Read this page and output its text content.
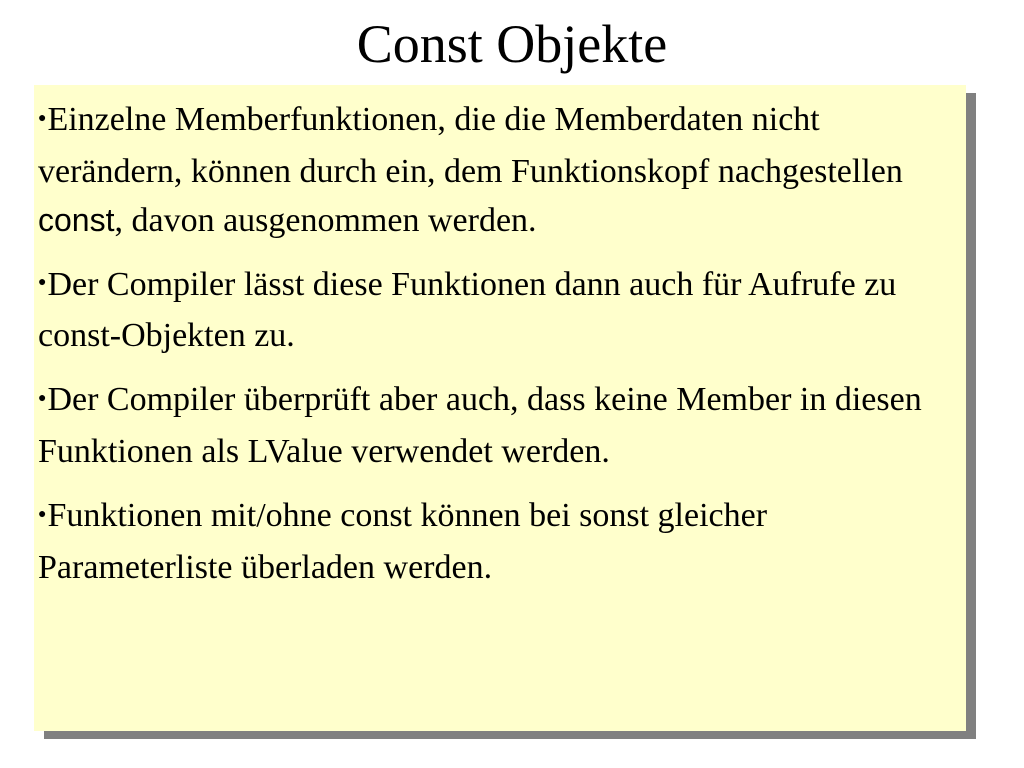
Const Objekte
●Einzelne Memberfunktionen, die die Memberdaten nicht verändern, können durch ein, dem Funktionskopf nachgestellen const, davon ausgenommen werden.
●Der Compiler lässt diese Funktionen dann auch für Aufrufe zu const-Objekten zu.
●Der Compiler überprüft aber auch, dass keine Member in diesen Funktionen als LValue verwendet werden.
●Funktionen mit/ohne const können bei sonst gleicher Parameterliste überladen werden.
